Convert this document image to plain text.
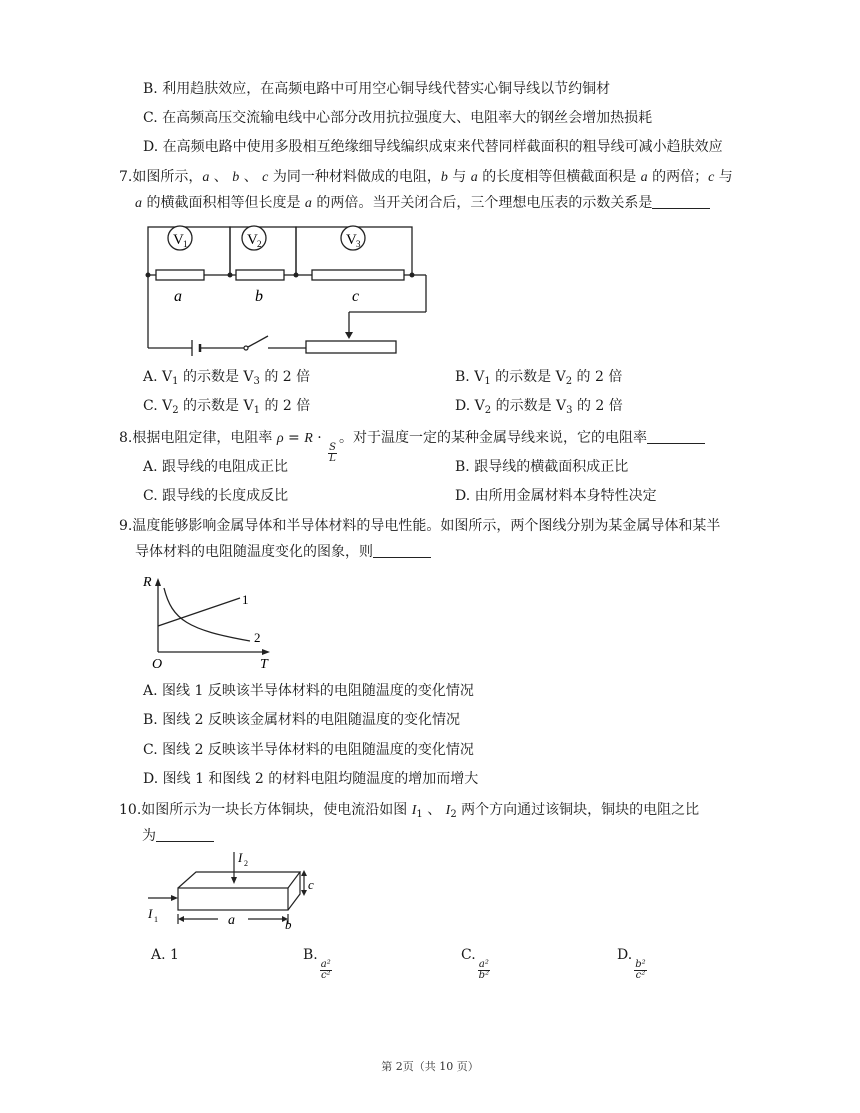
B. 利用趋肤效应，在高频电路中可用空心铜导线代替实心铜导线以节约铜材
C. 在高频高压交流输电线中心部分改用抗拉强度大、电阻率大的钢丝会增加热损耗
D. 在高频电路中使用多股相互绝缘细导线编织成束来代替同样截面积的粗导线可减小趋肤效应
7.如图所示，a 、 b 、 c 为同一种材料做成的电阻，b 与 a 的长度相等但横截面积是 a 的两倍；c 与
a 的横截面积相等但长度是 a 的两倍。当开关闭合后，三个理想电压表的示数关系是
V 1	V 2	V 3
a	b	c
A. $V_1$ 的示数是 $V_3$ 的 2 倍	B. $V_1$ 的示数是 $V_2$ 的 2 倍
C. $V_2$ 的示数是 $V_1$ 的 2 倍	D. $V_2$ 的示数是 $V_3$ 的 2 倍
8.根据电阻定律，电阻率 ρ = R ·
$\frac{S}{L}$
。对于温度一定的某种金属导线来说，它的电阻率
A. 跟导线的电阻成正比	B. 跟导线的横截面积成正比
C. 跟导线的长度成反比	D. 由所用金属材料本身特性决定
9.温度能够影响金属导体和半导体材料的导电性能。如图所示，两个图线分别为某金属导体和某半
导体材料的电阻随温度变化的图象，则
R
T
O
1
2
A. 图线 1 反映该半导体材料的电阻随温度的变化情况
B. 图线 2 反映该金属材料的电阻随温度的变化情况
C. 图线 2 反映该半导体材料的电阻随温度的变化情况
D. 图线 1 和图线 2 的材料电阻均随温度的增加而增大
10.如图所示为一块长方体铜块，使电流沿如图 $I_1$ 、 $I_2$ 两个方向通过该铜块，铜块的电阻之比
为
I 1
I 2
c
a	b
A. 1	B.
$\frac{\text{a²}}{\text{c²}}$
C.
$\frac{\text{a²}}{\text{b²}}$
D.
$\frac{\text{b²}}{\text{c²}}$
第 2页（共 10 页）
